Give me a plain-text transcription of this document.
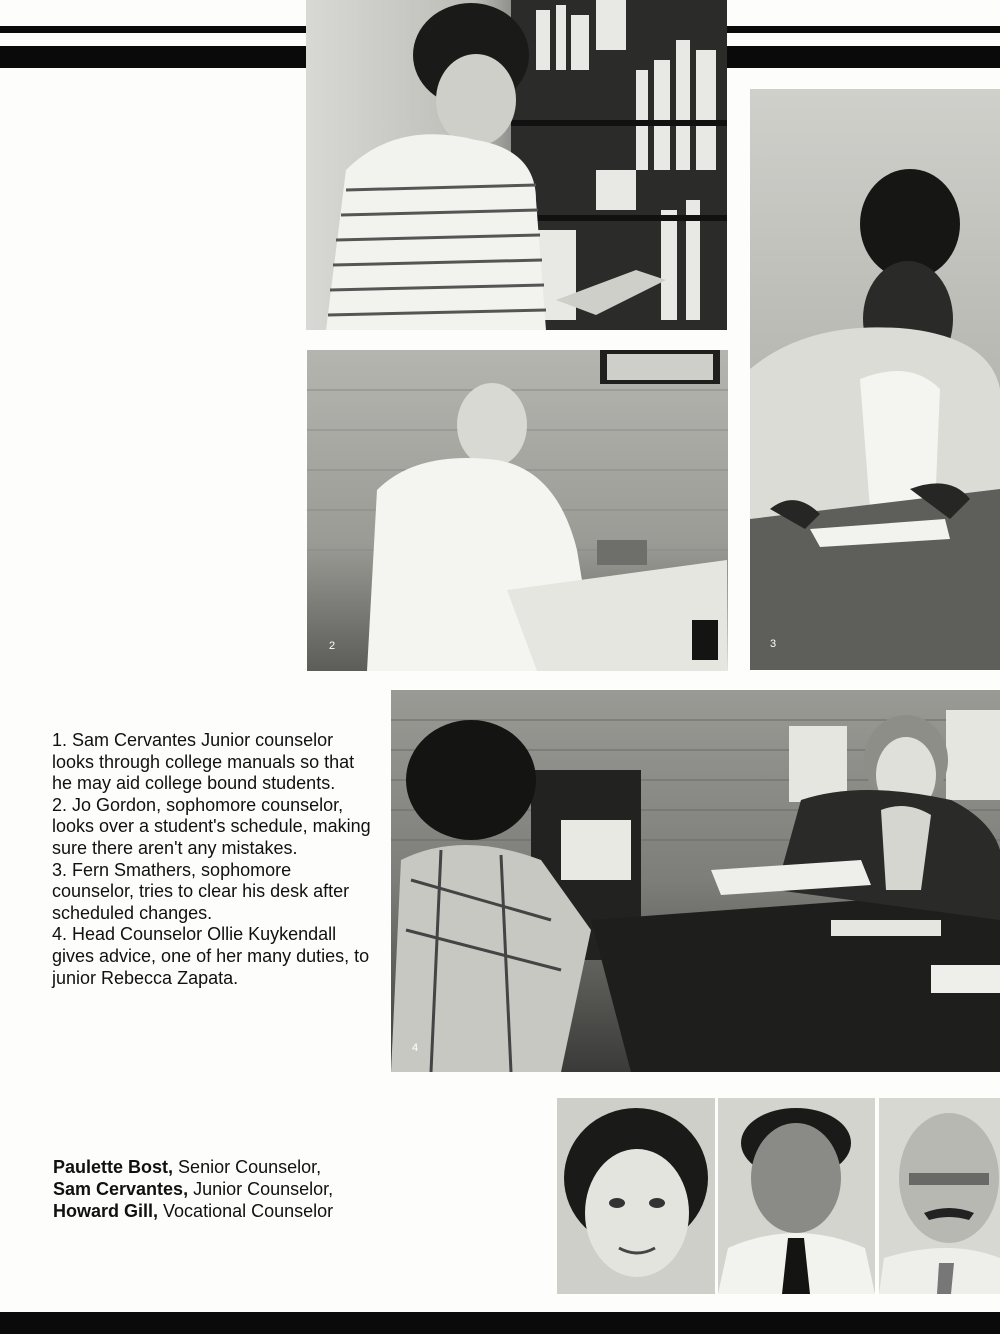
2	3
4

1. Sam Cervantes Junior counselor looks through college manuals so that he may aid college bound students.

2. Jo Gordon, sophomore counselor, looks over a student's schedule, making sure there aren't any mistakes.

3. Fern Smathers, sophomore counselor, tries to clear his desk after scheduled changes.

4. Head Counselor Ollie Kuykendall gives advice, one of her many duties, to junior Rebecca Zapata.

Paulette Bost, Senior Counselor,

Sam Cervantes, Junior Counselor,

Howard Gill, Vocational Counselor
